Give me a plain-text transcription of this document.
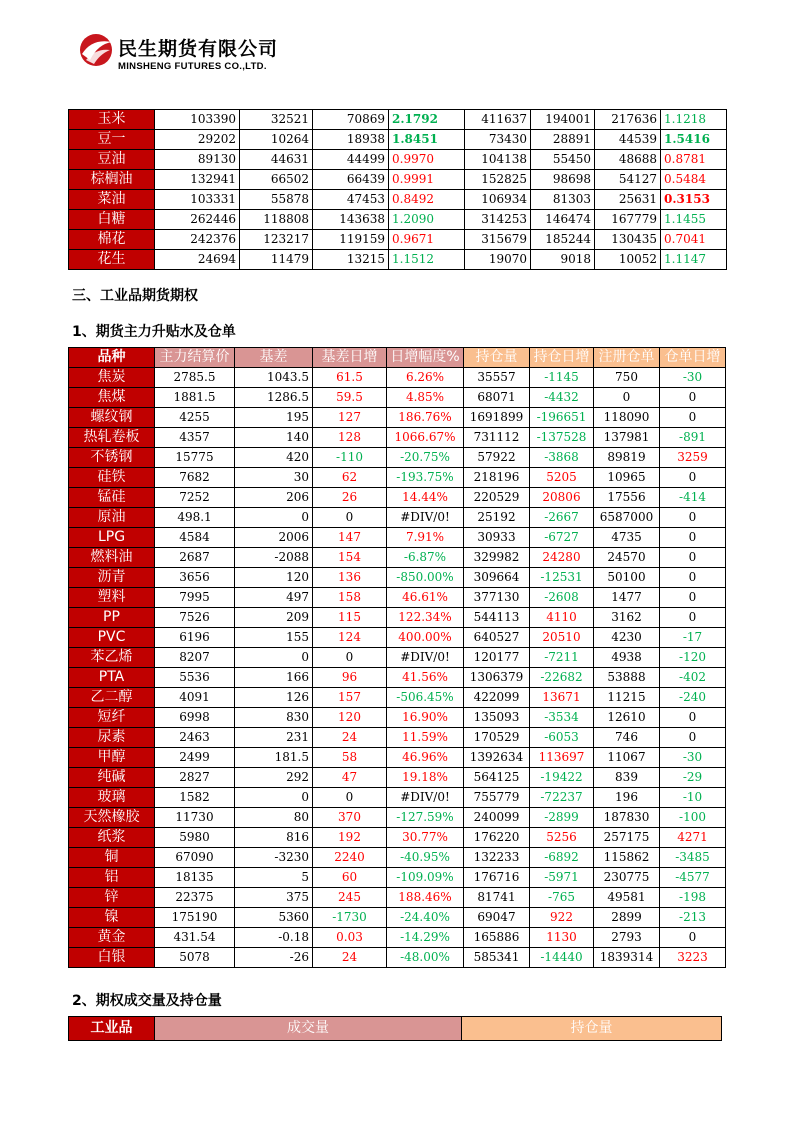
民生期货有限公司
MINSHENG FUTURES CO.,LTD.
玉米	103390	32521	70869	2.1792	411637	194001	217636	1.1218
豆一	29202	10264	18938	1.8451	73430	28891	44539	1.5416
豆油	89130	44631	44499	0.9970	104138	55450	48688	0.8781
棕榈油	132941	66502	66439	0.9991	152825	98698	54127	0.5484
菜油	103331	55878	47453	0.8492	106934	81303	25631	0.3153
白糖	262446	118808	143638	1.2090	314253	146474	167779	1.1455
棉花	242376	123217	119159	0.9671	315679	185244	130435	0.7041
花生	24694	11479	13215	1.1512	19070	9018	10052	1.1147
三、工业品期货期权
1、期货主力升贴水及仓单
品种	主力结算价	基差	基差日增	日增幅度%	持仓量	持仓日增	注册仓单	仓单日增
焦炭	2785.5	1043.5	61.5	6.26%	35557	-1145	750	-30
焦煤	1881.5	1286.5	59.5	4.85%	68071	-4432	0	0
螺纹钢	4255	195	127	186.76%	1691899	-196651	118090	0
热轧卷板	4357	140	128	1066.67%	731112	-137528	137981	-891
不锈钢	15775	420	-110	-20.75%	57922	-3868	89819	3259
硅铁	7682	30	62	-193.75%	218196	5205	10965	0
锰硅	7252	206	26	14.44%	220529	20806	17556	-414
原油	498.1	0	0	#DIV/0!	25192	-2667	6587000	0
LPG	4584	2006	147	7.91%	30933	-6727	4735	0
燃料油	2687	-2088	154	-6.87%	329982	24280	24570	0
沥青	3656	120	136	-850.00%	309664	-12531	50100	0
塑料	7995	497	158	46.61%	377130	-2608	1477	0
PP	7526	209	115	122.34%	544113	4110	3162	0
PVC	6196	155	124	400.00%	640527	20510	4230	-17
苯乙烯	8207	0	0	#DIV/0!	120177	-7211	4938	-120
PTA	5536	166	96	41.56%	1306379	-22682	53888	-402
乙二醇	4091	126	157	-506.45%	422099	13671	11215	-240
短纤	6998	830	120	16.90%	135093	-3534	12610	0
尿素	2463	231	24	11.59%	170529	-6053	746	0
甲醇	2499	181.5	58	46.96%	1392634	113697	11067	-30
纯碱	2827	292	47	19.18%	564125	-19422	839	-29
玻璃	1582	0	0	#DIV/0!	755779	-72237	196	-10
天然橡胶	11730	80	370	-127.59%	240099	-2899	187830	-100
纸浆	5980	816	192	30.77%	176220	5256	257175	4271
铜	67090	-3230	2240	-40.95%	132233	-6892	115862	-3485
铝	18135	5	60	-109.09%	176716	-5971	230775	-4577
锌	22375	375	245	188.46%	81741	-765	49581	-198
镍	175190	5360	-1730	-24.40%	69047	922	2899	-213
黄金	431.54	-0.18	0.03	-14.29%	165886	1130	2793	0
白银	5078	-26	24	-48.00%	585341	-14440	1839314	3223
2、期权成交量及持仓量
工业品	成交量	持仓量
